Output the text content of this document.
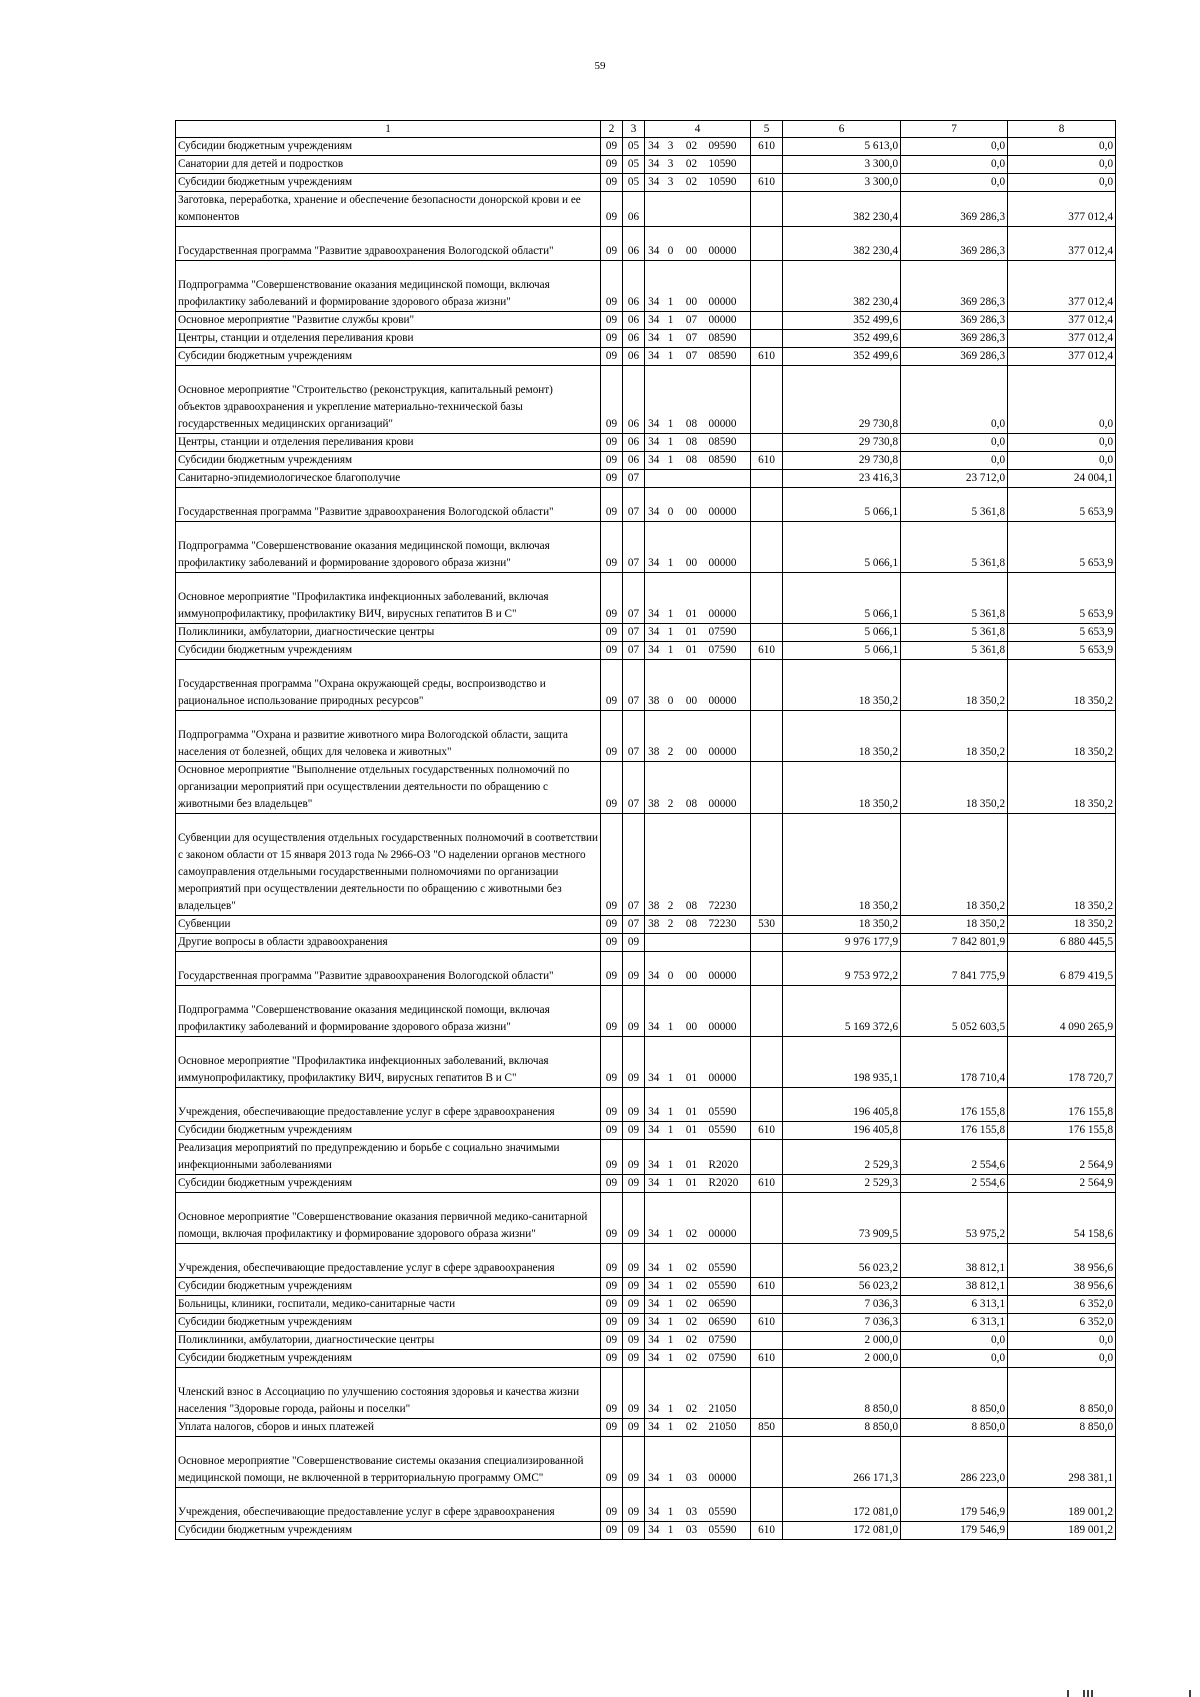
59
1	2	3	4				5	6	7	8
Субсидии бюджетным учреждениям	09	05	34	3	02	09590	610	5 613,0	0,0	0,0
Санатории для детей и подростков	09	05	34	3	02	10590		3 300,0	0,0	0,0
Субсидии бюджетным учреждениям	09	05	34	3	02	10590	610	3 300,0	0,0	0,0
Заготовка, переработка, хранение и обеспечение безопасности донорской крови и ее компонентов	09	06						382 230,4	369 286,3	377 012,4
Государственная программа "Развитие здравоохранения Вологодской области"	09	06	34	0	00	00000		382 230,4	369 286,3	377 012,4
Подпрограмма "Совершенствование оказания медицинской помощи, включая профилактику заболеваний и формирование здорового образа жизни"	09	06	34	1	00	00000		382 230,4	369 286,3	377 012,4
Основное мероприятие "Развитие службы крови"	09	06	34	1	07	00000		352 499,6	369 286,3	377 012,4
Центры, станции и отделения переливания крови	09	06	34	1	07	08590		352 499,6	369 286,3	377 012,4
Субсидии бюджетным учреждениям	09	06	34	1	07	08590	610	352 499,6	369 286,3	377 012,4
Основное мероприятие "Строительство (реконструкция, капитальный ремонт) объектов здравоохранения и укрепление материально-технической базы государственных медицинских организаций"	09	06	34	1	08	00000		29 730,8	0,0	0,0
Центры, станции и отделения переливания крови	09	06	34	1	08	08590		29 730,8	0,0	0,0
Субсидии бюджетным учреждениям	09	06	34	1	08	08590	610	29 730,8	0,0	0,0
Санитарно-эпидемиологическое благополучие	09	07						23 416,3	23 712,0	24 004,1
Государственная программа "Развитие здравоохранения Вологодской области"	09	07	34	0	00	00000		5 066,1	5 361,8	5 653,9
Подпрограмма "Совершенствование оказания медицинской помощи, включая профилактику заболеваний и формирование здорового образа жизни"	09	07	34	1	00	00000		5 066,1	5 361,8	5 653,9
Основное мероприятие "Профилактика инфекционных заболеваний, включая иммунопрофилактику, профилактику ВИЧ, вирусных гепатитов В и С"	09	07	34	1	01	00000		5 066,1	5 361,8	5 653,9
Поликлиники, амбулатории, диагностические центры	09	07	34	1	01	07590		5 066,1	5 361,8	5 653,9
Субсидии бюджетным учреждениям	09	07	34	1	01	07590	610	5 066,1	5 361,8	5 653,9
Государственная программа "Охрана окружающей среды, воспроизводство и рациональное использование природных ресурсов"	09	07	38	0	00	00000		18 350,2	18 350,2	18 350,2
Подпрограмма "Охрана и развитие животного мира Вологодской области, защита населения от болезней, общих для человека и животных"	09	07	38	2	00	00000		18 350,2	18 350,2	18 350,2
Основное мероприятие "Выполнение отдельных государственных полномочий по организации мероприятий при осуществлении деятельности по обращению с животными без владельцев"	09	07	38	2	08	00000		18 350,2	18 350,2	18 350,2
Субвенции для осуществления отдельных государственных полномочий в соответствии с законом области от 15 января 2013 года № 2966-ОЗ "О наделении органов местного самоуправления отдельными государственными полномочиями по организации мероприятий при осуществлении деятельности по обращению с животными без владельцев"	09	07	38	2	08	72230		18 350,2	18 350,2	18 350,2
Субвенции	09	07	38	2	08	72230	530	18 350,2	18 350,2	18 350,2
Другие вопросы в области здравоохранения	09	09						9 976 177,9	7 842 801,9	6 880 445,5
Государственная программа "Развитие здравоохранения Вологодской области"	09	09	34	0	00	00000		9 753 972,2	7 841 775,9	6 879 419,5
Подпрограмма "Совершенствование оказания медицинской помощи, включая профилактику заболеваний и формирование здорового образа жизни"	09	09	34	1	00	00000		5 169 372,6	5 052 603,5	4 090 265,9
Основное мероприятие "Профилактика инфекционных заболеваний, включая иммунопрофилактику, профилактику ВИЧ, вирусных гепатитов В и С"	09	09	34	1	01	00000		198 935,1	178 710,4	178 720,7
Учреждения, обеспечивающие предоставление услуг в сфере здравоохранения	09	09	34	1	01	05590		196 405,8	176 155,8	176 155,8
Субсидии бюджетным учреждениям	09	09	34	1	01	05590	610	196 405,8	176 155,8	176 155,8
Реализация мероприятий по предупреждению и борьбе с социально значимыми инфекционными заболеваниями	09	09	34	1	01	R2020		2 529,3	2 554,6	2 564,9
Субсидии бюджетным учреждениям	09	09	34	1	01	R2020	610	2 529,3	2 554,6	2 564,9
Основное мероприятие "Совершенствование оказания первичной медико-санитарной помощи, включая профилактику и формирование здорового образа жизни"	09	09	34	1	02	00000		73 909,5	53 975,2	54 158,6
Учреждения, обеспечивающие предоставление услуг в сфере здравоохранения	09	09	34	1	02	05590		56 023,2	38 812,1	38 956,6
Субсидии бюджетным учреждениям	09	09	34	1	02	05590	610	56 023,2	38 812,1	38 956,6
Больницы, клиники, госпитали, медико-санитарные части	09	09	34	1	02	06590		7 036,3	6 313,1	6 352,0
Субсидии бюджетным учреждениям	09	09	34	1	02	06590	610	7 036,3	6 313,1	6 352,0
Поликлиники, амбулатории, диагностические центры	09	09	34	1	02	07590		2 000,0	0,0	0,0
Субсидии бюджетным учреждениям	09	09	34	1	02	07590	610	2 000,0	0,0	0,0
Членский взнос в Ассоциацию по улучшению состояния здоровья и качества жизни населения "Здоровые города, районы и поселки"	09	09	34	1	02	21050		8 850,0	8 850,0	8 850,0
Уплата налогов, сборов и иных платежей	09	09	34	1	02	21050	850	8 850,0	8 850,0	8 850,0
Основное мероприятие "Совершенствование системы оказания специализированной медицинской помощи, не включенной в территориальную программу ОМС"	09	09	34	1	03	00000		266 171,3	286 223,0	298 381,1
Учреждения, обеспечивающие предоставление услуг в сфере здравоохранения	09	09	34	1	03	05590		172 081,0	179 546,9	189 001,2
Субсидии бюджетным учреждениям	09	09	34	1	03	05590	610	172 081,0	179 546,9	189 001,2
